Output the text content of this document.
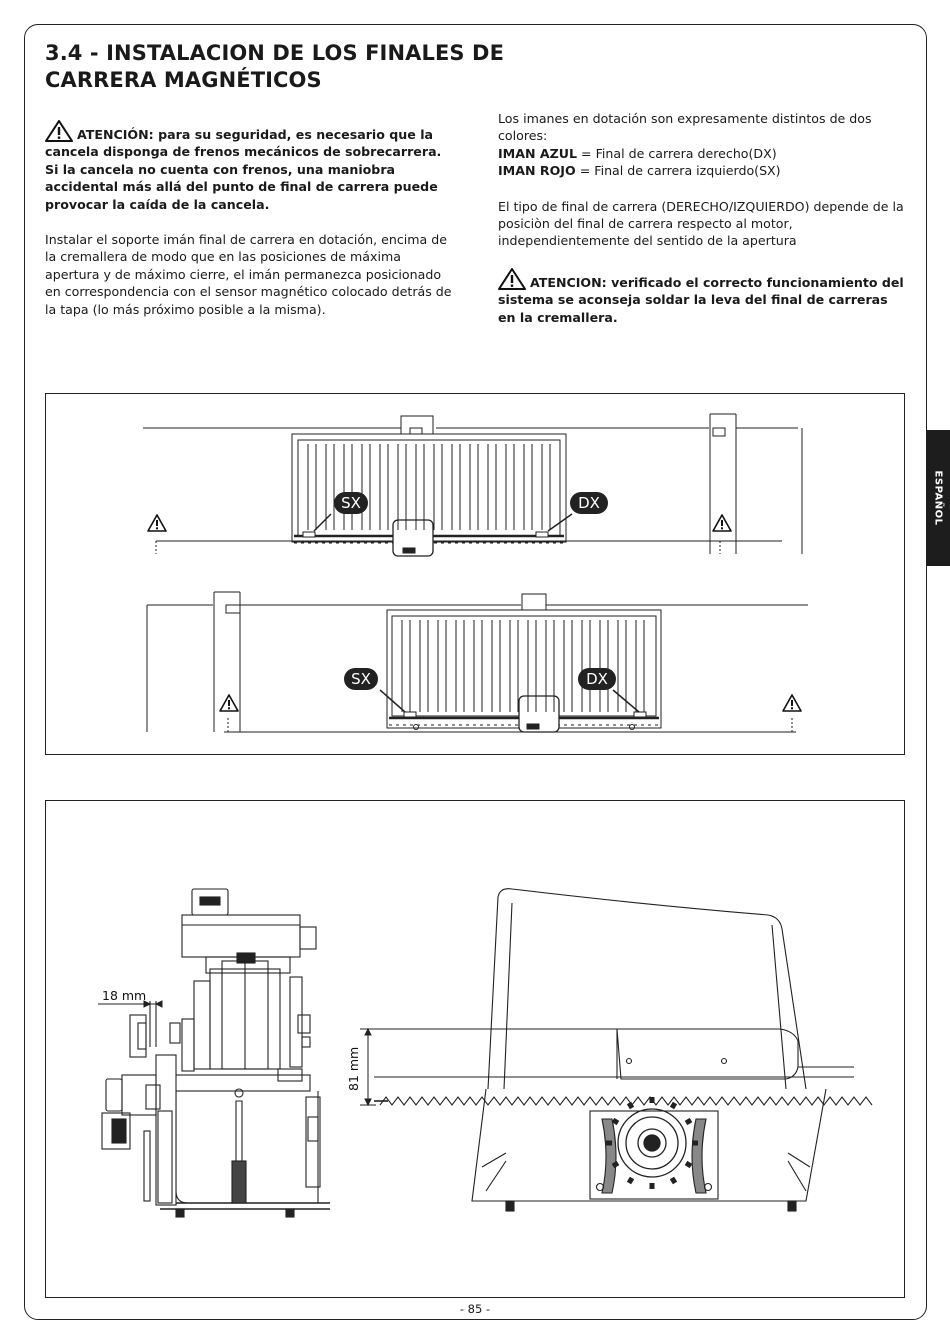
3.4 - INSTALACION DE LOS FINALES DE CARRERA MAGNÉTICOS

ATENCIÓN: para su seguridad, es necesario que la cancela disponga de frenos mecánicos de sobrecarrera. Si la cancela no cuenta con frenos, una maniobra accidental más allá del punto de final de carrera puede provocar la caída de la cancela.

Instalar el soporte imán final de carrera en dotación, encima de la cremallera de modo que en las posiciones de máxima apertura y de máximo cierre, el imán permanezca posicionado en correspondencia con el sensor magnético colocado detrás de la tapa (lo más próximo posible a la misma).

Los imanes en dotación son expresamente distintos de dos colores:

IMAN AZUL = Final de carrera derecho(DX)

IMAN ROJO = Final de carrera izquierdo(SX)

El tipo de final de carrera (DERECHO/IZQUIERDO) depende de la posiciòn del final de carrera respecto al motor, independientemente del sentido de la apertura

ATENCION: verificado el correcto funcionamiento del sistema se aconseja soldar la leva del final de carreras en la cremallera.

ESPAÑOL
SX	DX
SX	DX
18 mm
81 mm
- 85 -
